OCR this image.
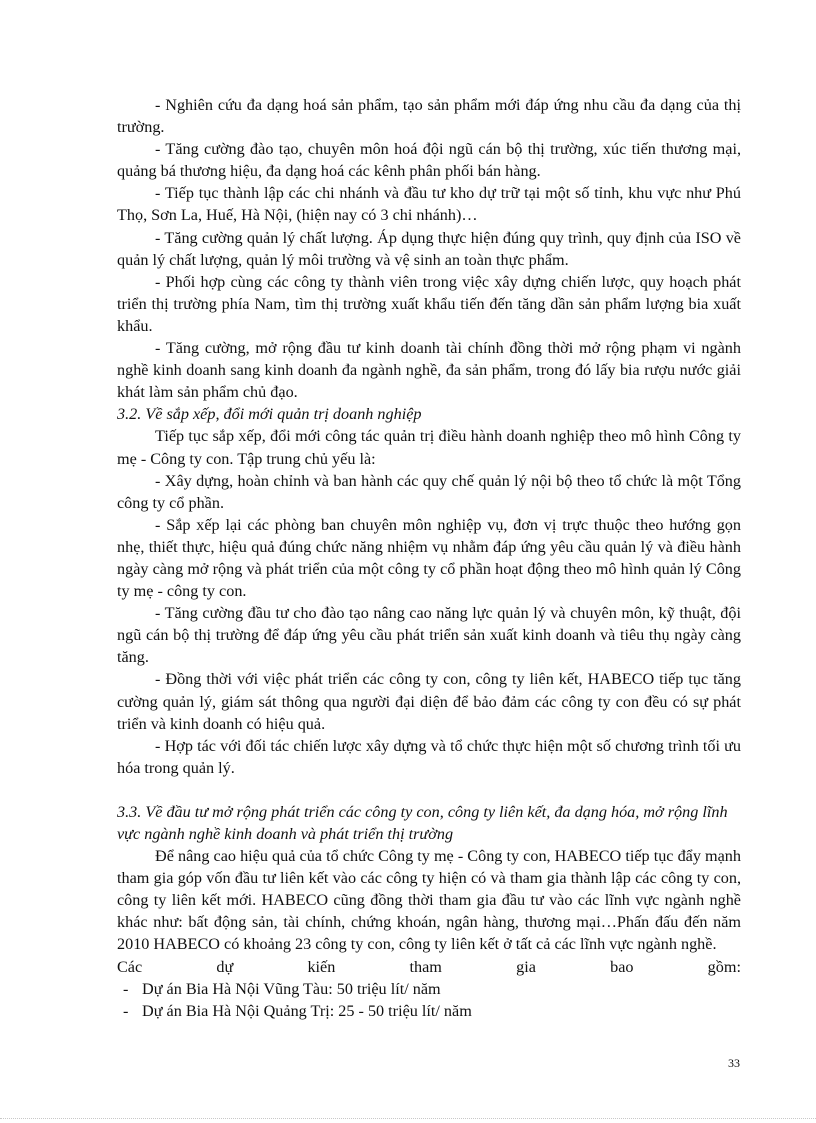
- Nghiên cứu đa dạng hoá sản phẩm, tạo sản phẩm mới đáp ứng nhu cầu đa dạng của thị trường.

- Tăng cường đào tạo, chuyên môn hoá đội ngũ cán bộ thị trường, xúc tiến thương mại, quảng bá thương hiệu, đa dạng hoá các kênh phân phối bán hàng.

- Tiếp tục thành lập các chi nhánh và đầu tư kho dự trữ tại một số tỉnh, khu vực như Phú Thọ, Sơn La, Huế, Hà Nội, (hiện nay có 3 chi nhánh)…

- Tăng cường quản lý chất lượng. Áp dụng thực hiện đúng quy trình, quy định của ISO về quản lý chất lượng, quản lý môi trường và vệ sinh an toàn thực phẩm.

- Phối hợp cùng các công ty thành viên trong việc xây dựng chiến lược, quy hoạch phát triển thị trường phía Nam, tìm thị trường xuất khẩu tiến đến tăng dần sản phẩm lượng bia xuất khẩu.

- Tăng cường, mở rộng đầu tư kinh doanh tài chính đồng thời mở rộng phạm vi ngành nghề kinh doanh sang kinh doanh đa ngành nghề, đa sản phẩm, trong đó lấy bia rượu nước giải khát làm sản phẩm chủ đạo.

3.2. Về sắp xếp, đổi mới quản trị doanh nghiệp

Tiếp tục sắp xếp, đổi mới công tác quản trị điều hành doanh nghiệp theo mô hình Công ty mẹ - Công ty con. Tập trung chủ yếu là:

- Xây dựng, hoàn chỉnh và ban hành các quy chế quản lý nội bộ theo tổ chức là một Tổng công ty cổ phần.

- Sắp xếp lại các phòng ban chuyên môn nghiệp vụ, đơn vị trực thuộc theo hướng gọn nhẹ, thiết thực, hiệu quả đúng chức năng nhiệm vụ nhằm đáp ứng yêu cầu quản lý và điều hành ngày càng mở rộng và phát triển của một công ty cổ phần hoạt động theo mô hình quản lý Công ty mẹ - công ty con.

- Tăng cường đầu tư cho đào tạo nâng cao năng lực quản lý và chuyên môn, kỹ thuật, đội ngũ cán bộ thị trường để đáp ứng yêu cầu phát triển sản xuất kinh doanh và tiêu thụ ngày càng tăng.

- Đồng thời với việc phát triển các công ty con, công ty liên kết, HABECO tiếp tục tăng cường quản lý, giám sát thông qua người đại diện để bảo đảm các công ty con đều có sự phát triển và kinh doanh có hiệu quả.

- Hợp tác với đối tác chiến lược xây dựng và tổ chức thực hiện một số chương trình tối ưu hóa trong quản lý.

3.3. Về đầu tư mở rộng phát triển các công ty con, công ty liên kết, đa dạng hóa, mở rộng lĩnh vực ngành nghề kinh doanh và phát triển thị trường

Để nâng cao hiệu quả của tổ chức Công ty mẹ - Công ty con, HABECO tiếp tục đẩy mạnh tham gia góp vốn đầu tư liên kết vào các công ty hiện có và tham gia thành lập các công ty con, công ty liên kết mới. HABECO cũng đồng thời tham gia đầu tư vào các lĩnh vực ngành nghề khác như: bất động sản, tài chính, chứng khoán, ngân hàng, thương mại…Phấn đấu đến năm 2010 HABECO có khoảng 23 công ty con, công ty liên kết ở tất cả các lĩnh vực ngành nghề.

Các	dự	kiến	tham	gia	bao	gồm:
- Dự án Bia Hà Nội Vũng Tàu: 50 triệu lít/ năm
- Dự án Bia Hà Nội Quảng Trị: 25 - 50 triệu lít/ năm
33
